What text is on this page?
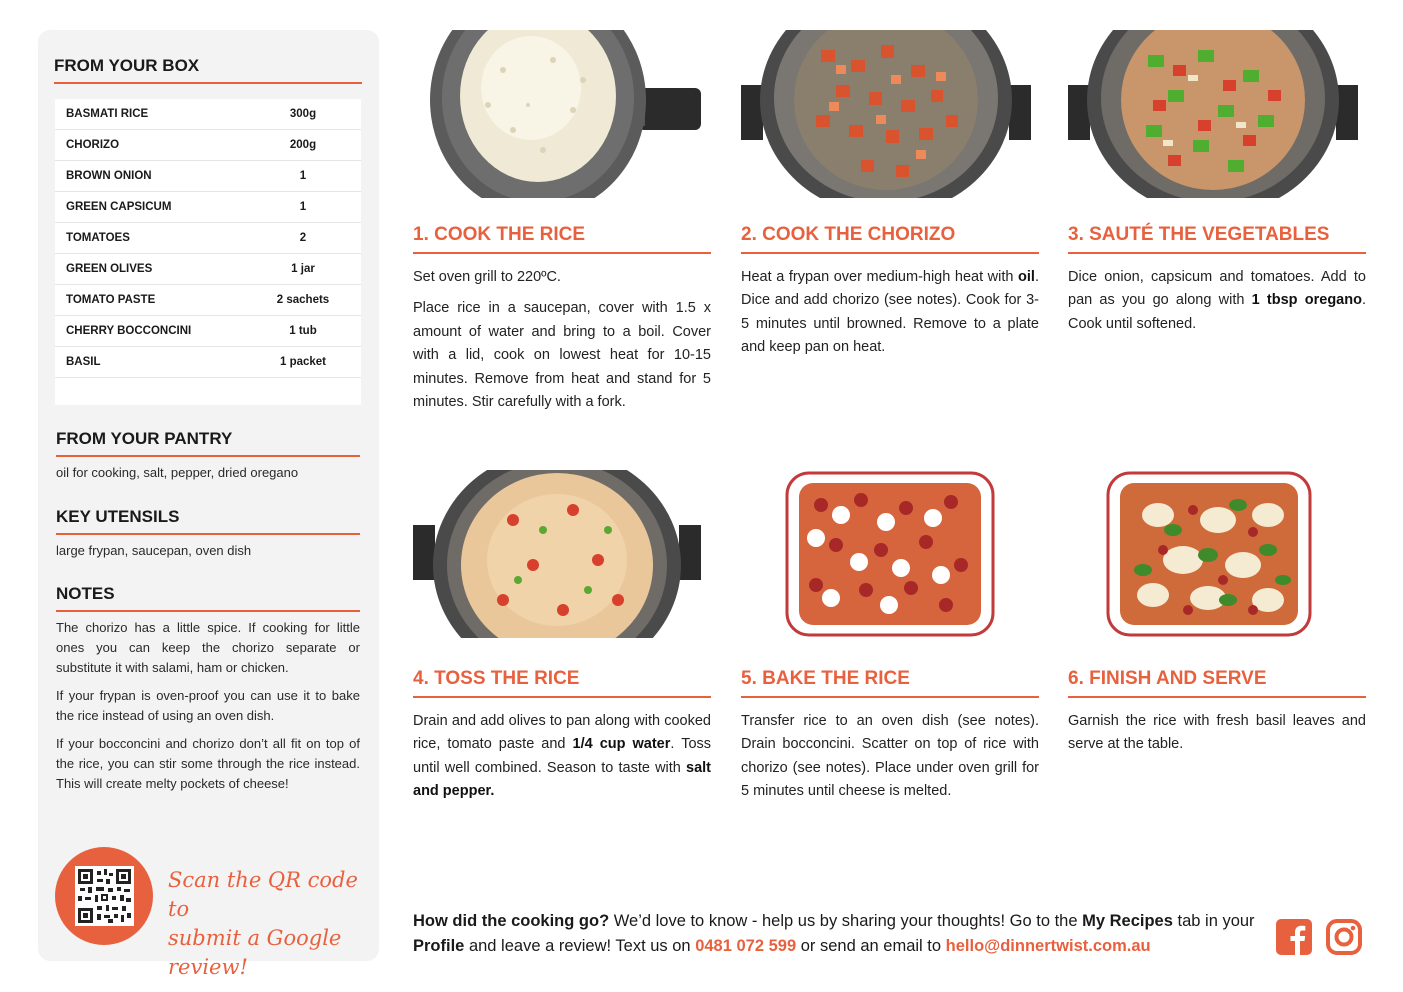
FROM YOUR BOX
BASMATI RICE	300g
CHORIZO	200g
BROWN ONION	1
GREEN CAPSICUM	1
TOMATOES	2
GREEN OLIVES	1 jar
TOMATO PASTE	2 sachets
CHERRY BOCCONCINI	1 tub
BASIL	1 packet
FROM YOUR PANTRY
oil for cooking, salt, pepper, dried oregano
KEY UTENSILS
large frypan, saucepan, oven dish
NOTES

The chorizo has a little spice. If cooking for little ones you can keep the chorizo separate or substitute it with salami, ham or chicken.

If your frypan is oven-proof you can use it to bake the rice instead of using an oven dish.

If your bocconcini and chorizo don’t all fit on top of the rice, you can stir some through the rice instead. This will create melty pockets of cheese!

Scan the QR code to
submit a Google review!
1. COOK THE RICE

Set oven grill to 220ºC.

Place rice in a saucepan, cover with 1.5 x amount of water and bring to a boil. Cover with a lid, cook on lowest heat for 10-15 minutes. Remove from heat and stand for 5 minutes. Stir carefully with a fork.

2. COOK THE CHORIZO

Heat a frypan over medium-high heat with oil. Dice and add chorizo (see notes). Cook for 3-5 minutes until browned. Remove to a plate and keep pan on heat.

3. SAUTÉ THE VEGETABLES

Dice onion, capsicum and tomatoes. Add to pan as you go along with 1 tbsp oregano. Cook until softened.

4. TOSS THE RICE

Drain and add olives to pan along with cooked rice, tomato paste and 1/4 cup water. Toss until well combined. Season to taste with salt and pepper.

5. BAKE THE RICE

Transfer rice to an oven dish (see notes). Drain bocconcini. Scatter on top of rice with chorizo (see notes). Place under oven grill for 5 minutes until cheese is melted.

6. FINISH AND SERVE

Garnish the rice with fresh basil leaves and serve at the table.

How did the cooking go? We’d love to know - help us by sharing your thoughts! Go to the My Recipes tab in your Profile and leave a review! Text us on 0481 072 599 or send an email to hello@dinnertwist.com.au
